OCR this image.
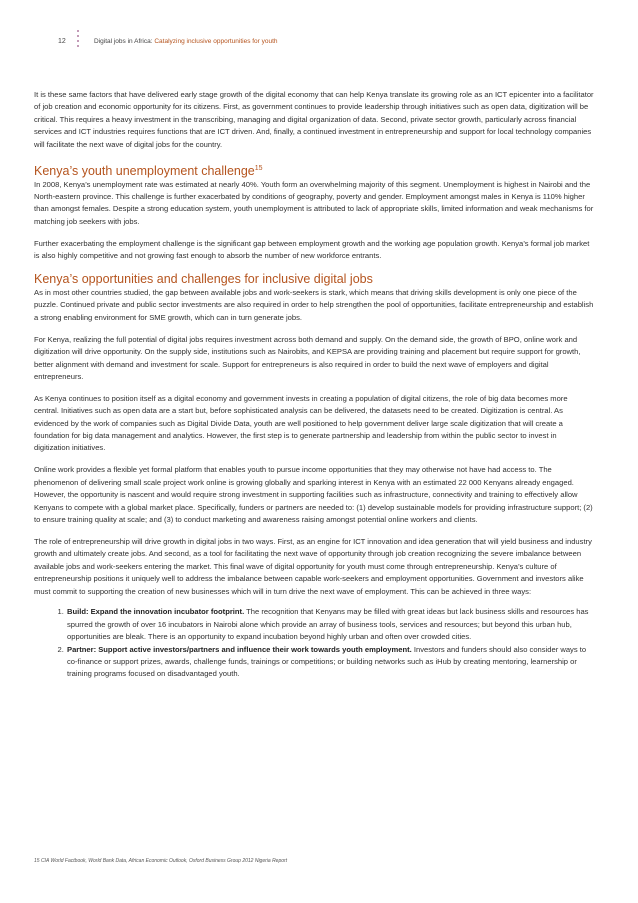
12	Digital jobs in Africa: Catalyzing inclusive opportunities for youth

It is these same factors that have delivered early stage growth of the digital economy that can help Kenya translate its growing role as an ICT epicenter into a facilitator of job creation and economic opportunity for its citizens. First, as government continues to provide leadership through initiatives such as open data, digitization will be critical. This requires a heavy investment in the transcribing, managing and digital organization of data. Second, private sector growth, particularly across financial services and ICT industries requires functions that are ICT driven. And, finally, a continued investment in entrepreneurship and support for local technology companies will facilitate the next wave of digital jobs for the country.

Kenya’s youth unemployment challenge$^{15}$

In 2008, Kenya’s unemployment rate was estimated at nearly 40%. Youth form an overwhelming majority of this segment. Unemployment is highest in Nairobi and the North-eastern province. This challenge is further exacerbated by conditions of geography, poverty and gender. Employment amongst males in Kenya is 110% higher than amongst females. Despite a strong education system, youth unemployment is attributed to lack of appropriate skills, limited information and weak mechanisms for matching job seekers with jobs.

Further exacerbating the employment challenge is the significant gap between employment growth and the working age population growth. Kenya’s formal job market is also highly competitive and not growing fast enough to absorb the number of new workforce entrants.

Kenya’s opportunities and challenges for inclusive digital jobs

As in most other countries studied, the gap between available jobs and work-seekers is stark, which means that driving skills development is only one piece of the puzzle. Continued private and public sector investments are also required in order to help strengthen the pool of opportunities, facilitate entrepreneurship and establish a strong enabling environment for SME growth, which can in turn generate jobs.

For Kenya, realizing the full potential of digital jobs requires investment across both demand and supply. On the demand side, the growth of BPO, online work and digitization will drive opportunity. On the supply side, institutions such as Nairobits, and KEPSA are providing training and placement but require support for growth, better alignment with demand and investment for scale. Support for entrepreneurs is also required in order to build the next wave of employers and digital entrepreneurs.

As Kenya continues to position itself as a digital economy and government invests in creating a population of digital citizens, the role of big data becomes more central. Initiatives such as open data are a start but, before sophisticated analysis can be delivered, the datasets need to be created. Digitization is central. As evidenced by the work of companies such as Digital Divide Data, youth are well positioned to help government deliver large scale digitization that will create a foundation for big data management and analytics. However, the first step is to generate partnership and leadership from within the public sector to invest in digitization initiatives.

Online work provides a flexible yet formal platform that enables youth to pursue income opportunities that they may otherwise not have had access to. The phenomenon of delivering small scale project work online is growing globally and sparking interest in Kenya with an estimated 22 000 Kenyans already engaged. However, the opportunity is nascent and would require strong investment in supporting facilities such as infrastructure, connectivity and training to effectively allow Kenyans to compete with a global market place. Specifically, funders or partners are needed to: (1) develop sustainable models for providing infrastructure support; (2) to ensure training quality at scale; and (3) to conduct marketing and awareness raising amongst potential online workers and clients.

The role of entrepreneurship will drive growth in digital jobs in two ways. First, as an engine for ICT innovation and idea generation that will yield business and industry growth and ultimately create jobs. And second, as a tool for facilitating the next wave of opportunity through job creation recognizing the severe imbalance between available jobs and work-seekers entering the market. This final wave of digital opportunity for youth must come through entrepreneurship. Kenya’s culture of entrepreneurship positions it uniquely well to address the imbalance between capable work-seekers and employment opportunities. Government and investors alike must commit to supporting the creation of new businesses which will in turn drive the next wave of employment. This can be achieved in three ways:

1. Build: Expand the innovation incubator footprint. The recognition that Kenyans may be filled with great ideas but lack business skills and resources has spurred the growth of over 16 incubators in Nairobi alone which provide an array of business tools, services and resources; but beyond this urban hub, opportunities are bleak. There is an opportunity to expand incubation beyond highly urban and often over crowded cities.
2. Partner: Support active investors/partners and influence their work towards youth employment. Investors and funders should also consider ways to co-finance or support prizes, awards, challenge funds, trainings or competitions; or building networks such as iHub by creating mentoring, learnership or training programs focused on disadvantaged youth.
15 CIA World Factbook, World Bank Data, African Economic Outlook, Oxford Business Group 2012 Nigeria Report
